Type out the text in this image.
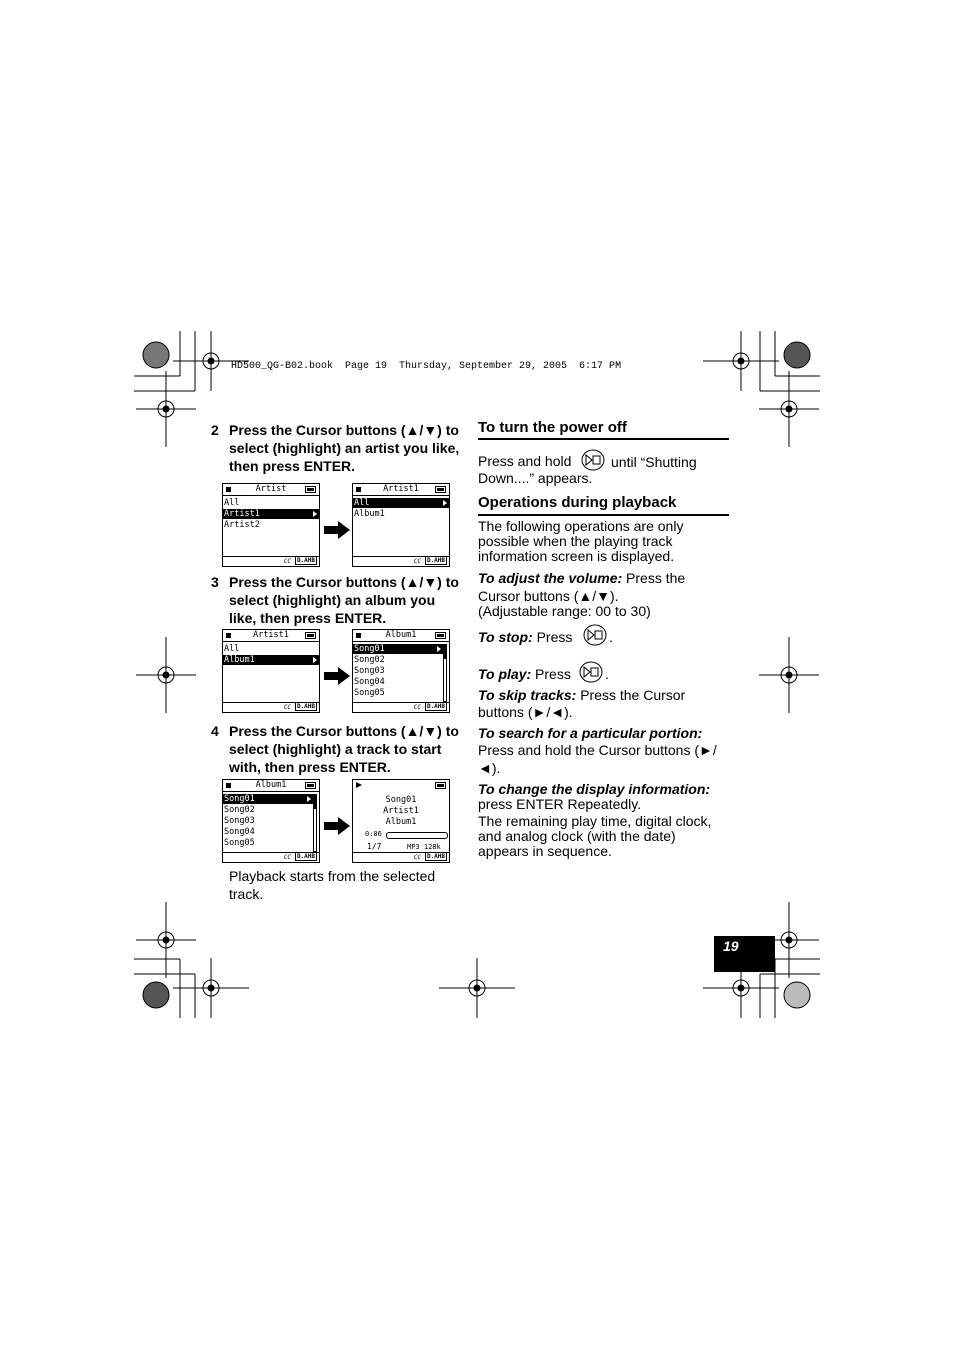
HD500_QG-B02.book  Page 19  Thursday, September 29, 2005  6:17 PM
2 Press the Cursor buttons (▲/▼) to select (highlight) an artist you like, then press ENTER.
Artist
All
Artist1
Artist2
CC D.AHB
Artist1
All
Album1
CC D.AHB
3 Press the Cursor buttons (▲/▼) to select (highlight) an album you like, then press ENTER.
Artist1
All
Album1
CC D.AHB
Album1
Song01
Song02
Song03
Song04
Song05
CC D.AHB
4 Press the Cursor buttons (▲/▼) to select (highlight) a track to start with, then press ENTER.
Album1
Song01
Song02
Song03
Song04
Song05
CC D.AHB
Song01
Artist1
Album1
0:06
1/7	MP3 128k
CC D.AHB
Playback starts from the selected track.
To turn the power off
Press and hold	until “Shutting
Down....” appears.
Operations during playback
The following operations are only
possible when the playing track
information screen is displayed.
To adjust the volume: Press the
Cursor buttons (▲/▼).
(Adjustable range: 00 to 30)
To stop: Press	.
To play: Press .
To skip tracks: Press the Cursor
buttons (►/◄).
To search for a particular portion:
Press and hold the Cursor buttons (►/
◄).
To change the display information:
press ENTER Repeatedly.
The remaining play time, digital clock,
and analog clock (with the date)
appears in sequence.
19
